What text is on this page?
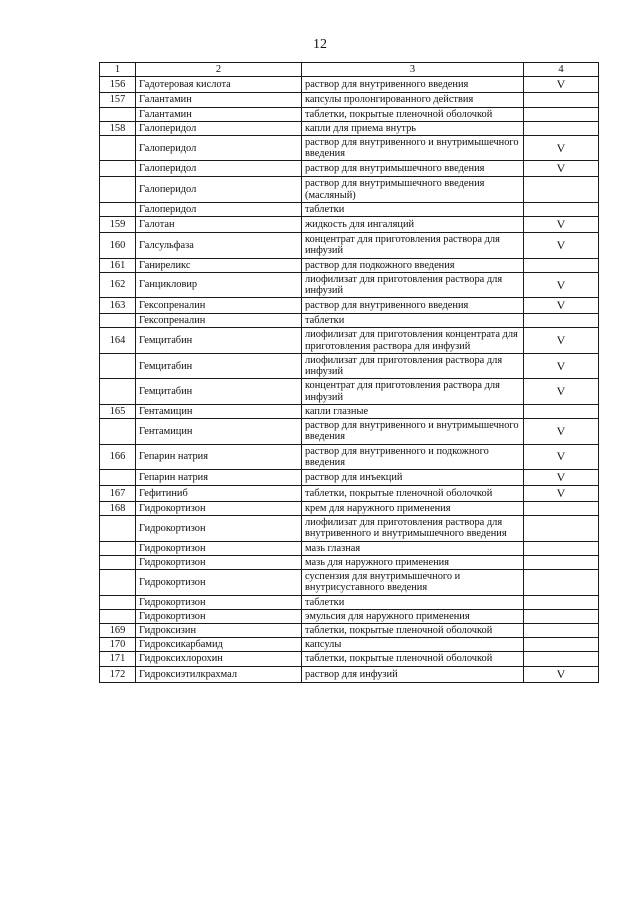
12
1	2	3	4
156	Гадотеровая кислота	раствор для внутривенного введения	V
157	Галантамин	капсулы пролонгированного действия	
	Галантамин	таблетки, покрытые пленочной оболочкой	
158	Галоперидол	капли для приема внутрь	
	Галоперидол	раствор для внутривенного и внутримышечного введения	V
	Галоперидол	раствор для внутримышечного введения	V
	Галоперидол	раствор для внутримышечного введения (масляный)	
	Галоперидол	таблетки	
159	Галотан	жидкость для ингаляций	V
160	Галсульфаза	концентрат для приготовления раствора для инфузий	V
161	Ганиреликс	раствор для подкожного введения	
162	Ганцикловир	лиофилизат для приготовления раствора для инфузий	V
163	Гексопреналин	раствор для внутривенного введения	V
	Гексопреналин	таблетки	
164	Гемцитабин	лиофилизат для приготовления концентрата для приготовления раствора для инфузий	V
	Гемцитабин	лиофилизат для приготовления раствора для инфузий	V
	Гемцитабин	концентрат для приготовления раствора для инфузий	V
165	Гентамицин	капли глазные	
	Гентамицин	раствор для внутривенного и внутримышечного введения	V
166	Гепарин натрия	раствор для внутривенного и подкожного введения	V
	Гепарин натрия	раствор для инъекций	V
167	Гефитиниб	таблетки, покрытые пленочной оболочкой	V
168	Гидрокортизон	крем для наружного применения	
	Гидрокортизон	лиофилизат для приготовления раствора для внутривенного и внутримышечного введения	
	Гидрокортизон	мазь глазная	
	Гидрокортизон	мазь для наружного применения	
	Гидрокортизон	суспензия для внутримышечного и внутрисуставного введения	
	Гидрокортизон	таблетки	
	Гидрокортизон	эмульсия для наружного применения	
169	Гидроксизин	таблетки, покрытые пленочной оболочкой	
170	Гидроксикарбамид	капсулы	
171	Гидроксихлорохин	таблетки, покрытые пленочной оболочкой	
172	Гидроксиэтилкрахмал	раствор для инфузий	V
